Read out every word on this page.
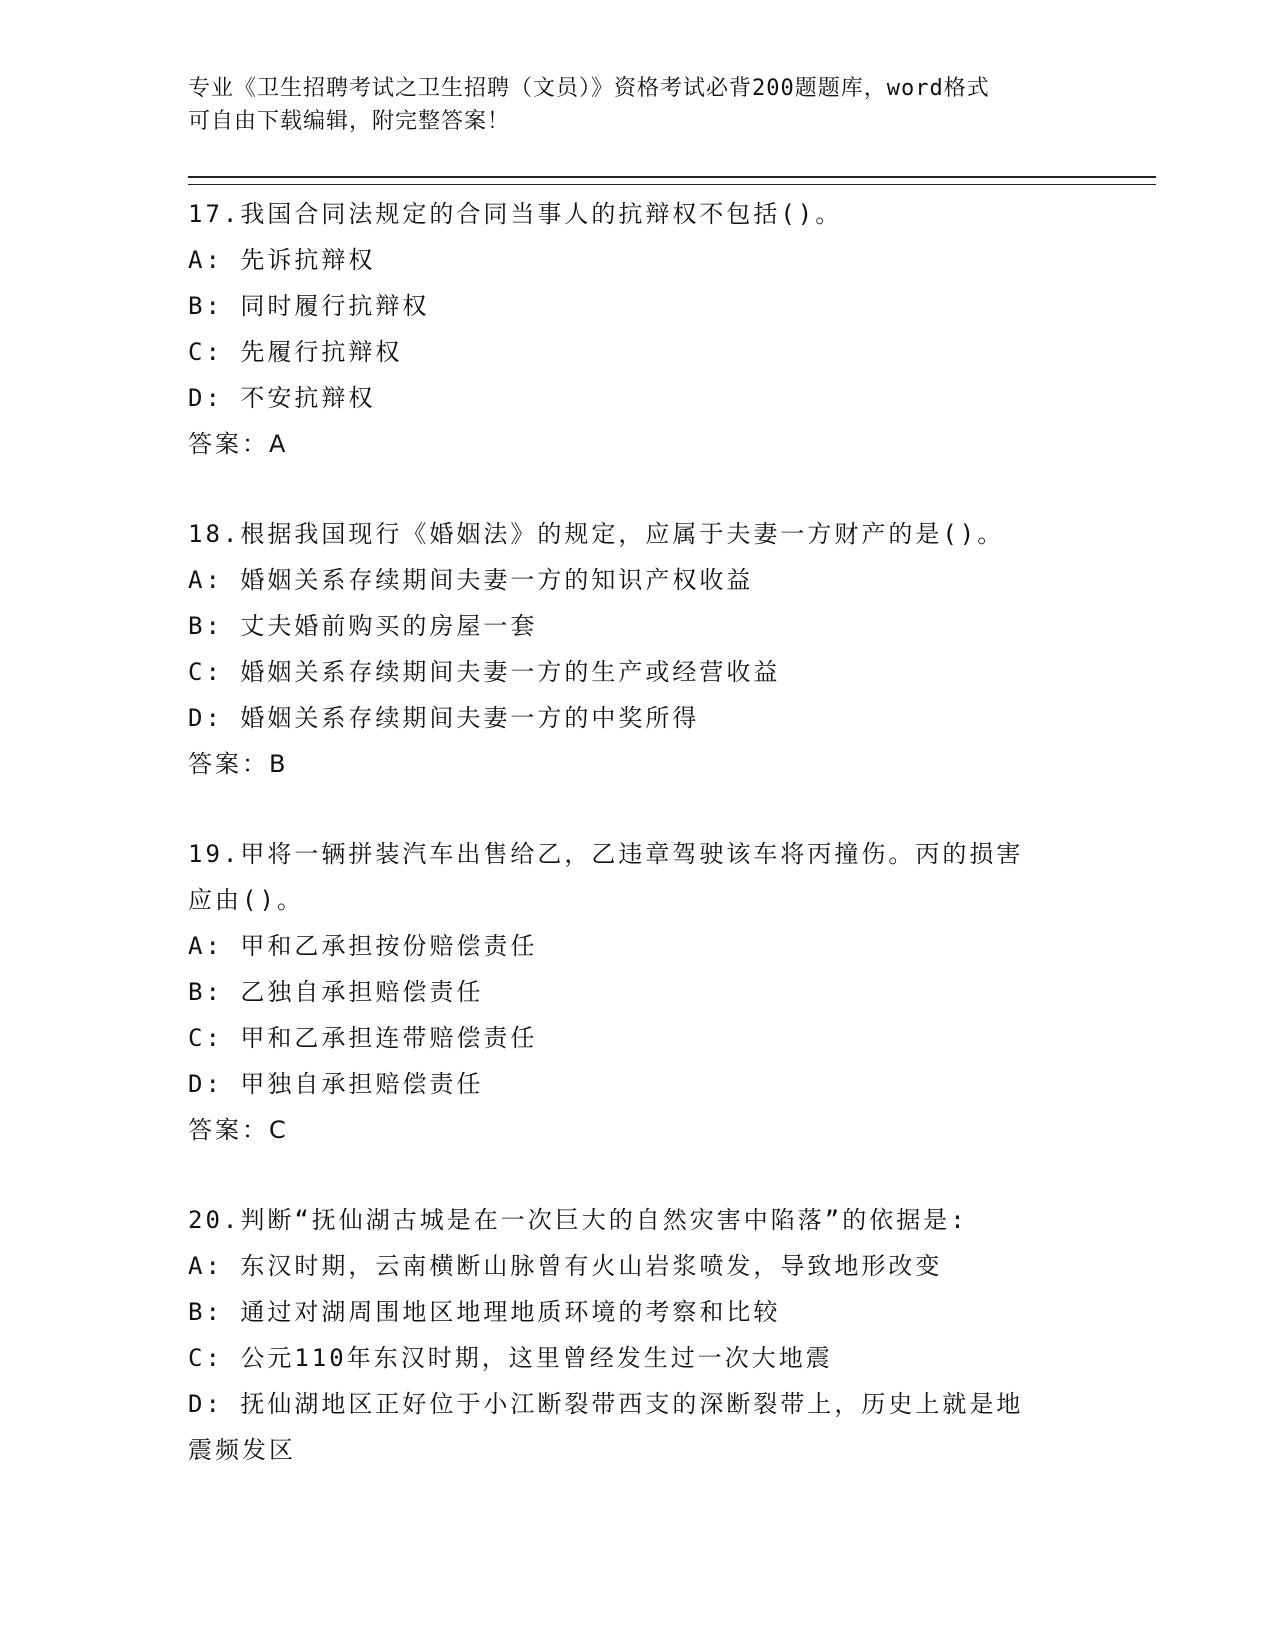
专业《卫生招聘考试之卫生招聘（文员）》资格考试必背200题题库，word格式
可自由下载编辑，附完整答案！
17.我国合同法规定的合同当事人的抗辩权不包括()。
A: 先诉抗辩权
B: 同时履行抗辩权
C: 先履行抗辩权
D: 不安抗辩权
答案：A
18.根据我国现行《婚姻法》的规定，应属于夫妻一方财产的是()。
A: 婚姻关系存续期间夫妻一方的知识产权收益
B: 丈夫婚前购买的房屋一套
C: 婚姻关系存续期间夫妻一方的生产或经营收益
D: 婚姻关系存续期间夫妻一方的中奖所得
答案：B
19.甲将一辆拼装汽车出售给乙，乙违章驾驶该车将丙撞伤。丙的损害应由()。
A: 甲和乙承担按份赔偿责任
B: 乙独自承担赔偿责任
C: 甲和乙承担连带赔偿责任
D: 甲独自承担赔偿责任
答案：C
20.判断“抚仙湖古城是在一次巨大的自然灾害中陷落”的依据是:
A: 东汉时期，云南横断山脉曾有火山岩浆喷发，导致地形改变
B: 通过对湖周围地区地理地质环境的考察和比较
C: 公元110年东汉时期，这里曾经发生过一次大地震
D: 抚仙湖地区正好位于小江断裂带西支的深断裂带上，历史上就是地震频发区
